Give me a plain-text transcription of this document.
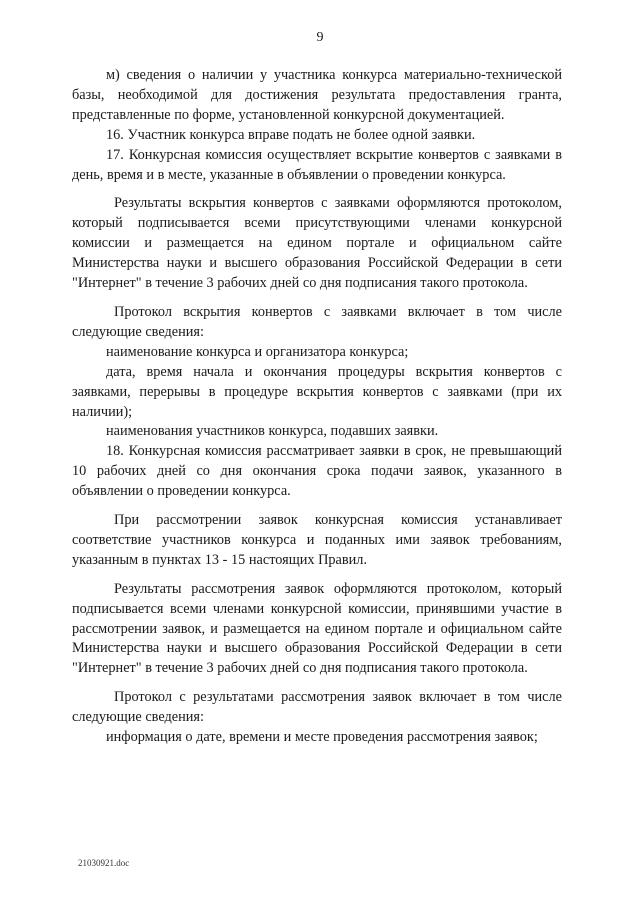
9

м) сведения о наличии у участника конкурса материально-технической базы, необходимой для достижения результата предоставления гранта, представленные по форме, установленной конкурсной документацией.

16. Участник конкурса вправе подать не более одной заявки.

17. Конкурсная комиссия осуществляет вскрытие конвертов с заявками в день, время и в месте, указанные в объявлении о проведении конкурса.

Результаты вскрытия конвертов с заявками оформляются протоколом, который подписывается всеми присутствующими членами конкурсной комиссии и размещается на едином портале и официальном сайте Министерства науки и высшего образования Российской Федерации в сети "Интернет" в течение 3 рабочих дней со дня подписания такого протокола.

Протокол вскрытия конвертов с заявками включает в том числе следующие сведения:

наименование конкурса и организатора конкурса;

дата, время начала и окончания процедуры вскрытия конвертов с заявками, перерывы в процедуре вскрытия конвертов с заявками (при их наличии);

наименования участников конкурса, подавших заявки.

18. Конкурсная комиссия рассматривает заявки в срок, не превышающий 10 рабочих дней со дня окончания срока подачи заявок, указанного в объявлении о проведении конкурса.

При рассмотрении заявок конкурсная комиссия устанавливает соответствие участников конкурса и поданных ими заявок требованиям, указанным в пунктах 13 - 15 настоящих Правил.

Результаты рассмотрения заявок оформляются протоколом, который подписывается всеми членами конкурсной комиссии, принявшими участие в рассмотрении заявок, и размещается на едином портале и официальном сайте Министерства науки и высшего образования Российской Федерации в сети "Интернет" в течение 3 рабочих дней со дня подписания такого протокола.

Протокол с результатами рассмотрения заявок включает в том числе следующие сведения:

информация о дате, времени и месте проведения рассмотрения заявок;

21030921.doc
